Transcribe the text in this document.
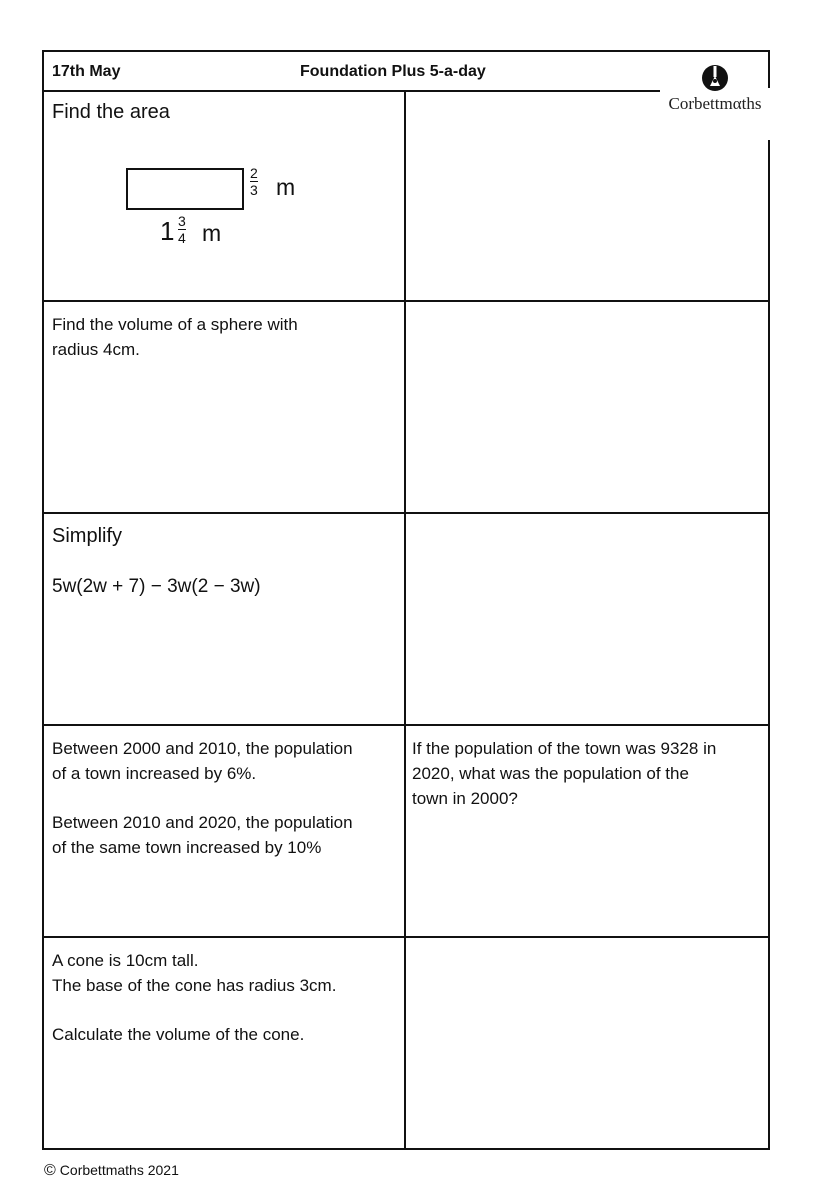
17th May	Foundation Plus 5-a-day
Find the area
2
3 m
1 3
4 m
Find the volume of a sphere with
radius 4cm.
Simplify
5w(2w + 7) − 3w(2 − 3w)
Between 2000 and 2010, the population
of a town increased by 6%.
Between 2010 and 2020, the population
of the same town increased by 10%
If the population of the town was 9328 in
2020, what was the population of the
town in 2000?
A cone is 10cm tall.
The base of the cone has radius 3cm.
Calculate the volume of the cone.
Corbettmαths
© Corbettmaths 2021
